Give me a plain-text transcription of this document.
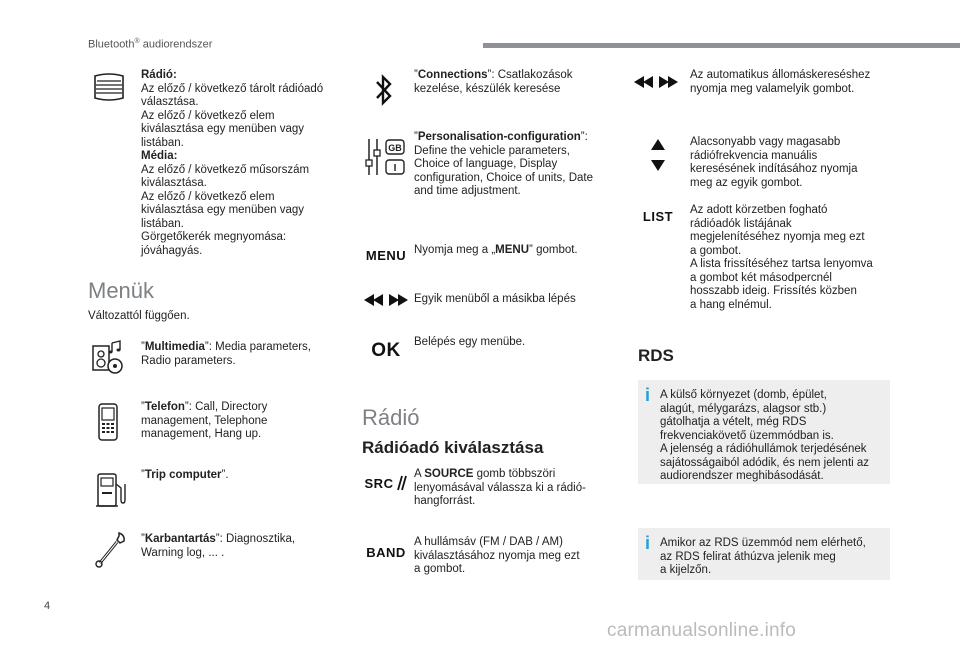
Bluetooth® audiorendszer
Rádió:
Az előző / következő tárolt rádióadó
választása.
Az előző / következő elem
kiválasztása egy menüben vagy
listában.
Média:
Az előző / következő műsorszám
kiválasztása.
Az előző / következő elem
kiválasztása egy menüben vagy
listában.
Görgetőkerék megnyomása:
jóváhagyás.
Menük
Változattól függően.
”Multimedia”: Media parameters,
Radio parameters.
”Telefon”: Call, Directory
management, Telephone
management, Hang up.
”Trip computer”.
”Karbantartás”: Diagnosztika,
Warning log, ... .
”Connections”: Csatlakozások
kezelése, készülék keresése
GB
I
”Personalisation-configuration”:
Define the vehicle parameters,
Choice of language, Display
configuration, Choice of units, Date
and time adjustment.
MENU Nyomja meg a „MENU” gombot.
Egyik menüből a másikba lépés
OK	Belépés egy menübe.
Rádió
Rádióadó kiválasztása
SRC
A SOURCE gomb többszöri
lenyomásával válassza ki a rádió-
hangforrást.
BAND
A hullámsáv (FM / DAB / AM)
kiválasztásához nyomja meg ezt
a gombot.
Az automatikus állomáskereséshez
nyomja meg valamelyik gombot.
Alacsonyabb vagy magasabb
rádiófrekvencia manuális
keresésének indításához nyomja
meg az egyik gombot.
LIST	Az adott körzetben fogható
rádióadók listájának
megjelenítéséhez nyomja meg ezt
a gombot.
A lista frissítéséhez tartsa lenyomva
a gombot két másodpercnél
hosszabb ideig. Frissítés közben
a hang elnémul.
RDS
i A külső környezet (domb, épület,
alagút, mélygarázs, alagsor stb.)
gátolhatja a vételt, még RDS
frekvenciakövető üzemmódban is.
A jelenség a rádióhullámok terjedésének
sajátosságaiból adódik, és nem jelenti az
audiorendszer meghibásodását.
i Amikor az RDS üzemmód nem elérhető,
az RDS felirat áthúzva jelenik meg
a kijelzőn.
4
carmanualsonline.info
